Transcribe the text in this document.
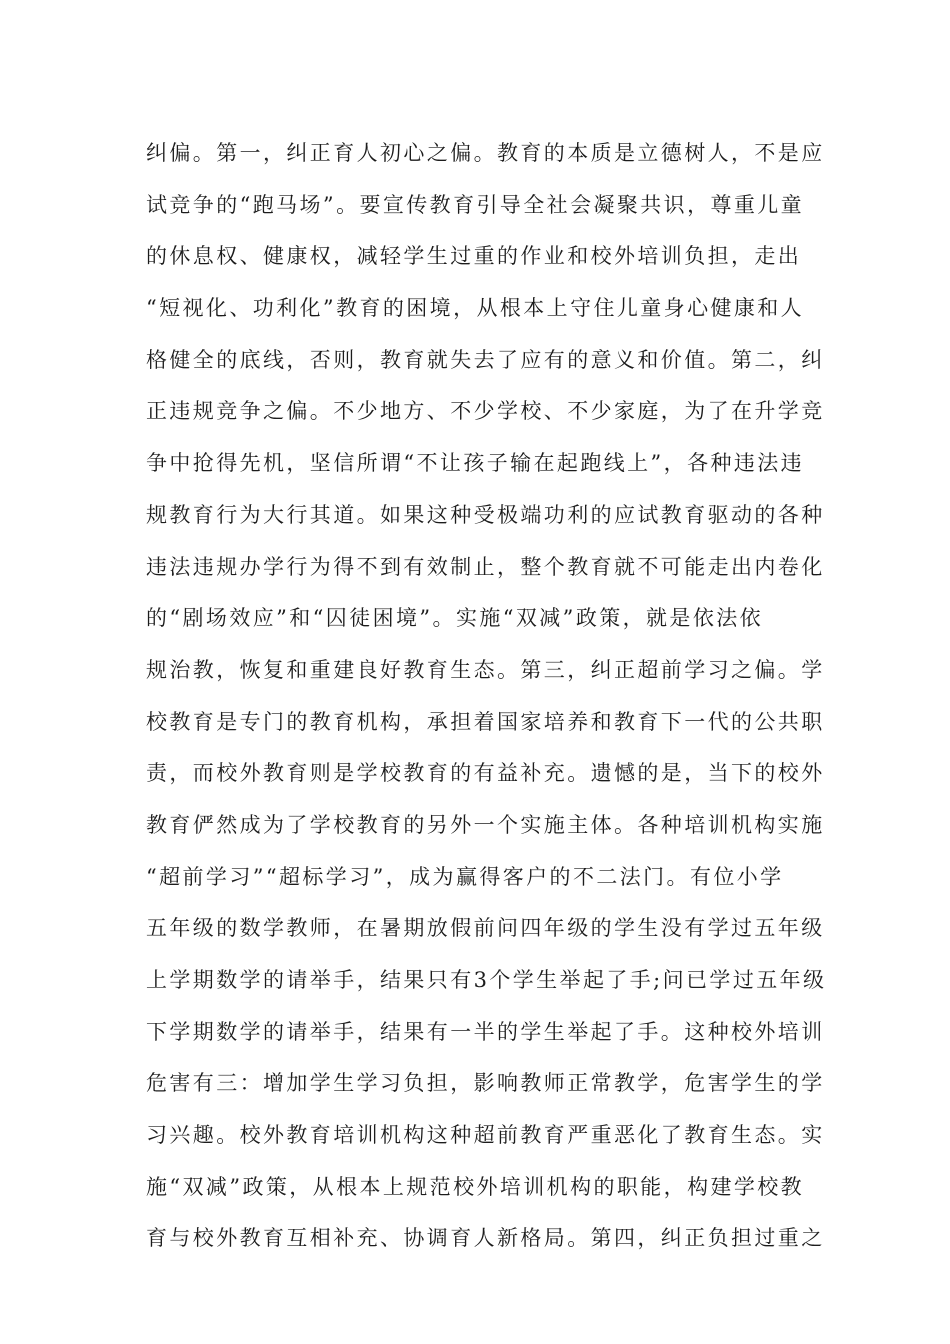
纠偏。第一，纠正育人初心之偏。教育的本质是立德树人，不是应
试竞争的“跑马场”。要宣传教育引导全社会凝聚共识，尊重儿童
的休息权、健康权，减轻学生过重的作业和校外培训负担，走出
“短视化、功利化”教育的困境，从根本上守住儿童身心健康和人
格健全的底线，否则，教育就失去了应有的意义和价值。第二，纠
正违规竞争之偏。不少地方、不少学校、不少家庭，为了在升学竞
争中抢得先机，坚信所谓“不让孩子输在起跑线上”，各种违法违
规教育行为大行其道。如果这种受极端功利的应试教育驱动的各种
违法违规办学行为得不到有效制止，整个教育就不可能走出内卷化
的“剧场效应”和“囚徒困境”。实施“双减”政策，就是依法依
规治教，恢复和重建良好教育生态。第三，纠正超前学习之偏。学
校教育是专门的教育机构，承担着国家培养和教育下一代的公共职
责，而校外教育则是学校教育的有益补充。遗憾的是，当下的校外
教育俨然成为了学校教育的另外一个实施主体。各种培训机构实施
“超前学习”“超标学习”，成为赢得客户的不二法门。有位小学
五年级的数学教师，在暑期放假前问四年级的学生没有学过五年级
上学期数学的请举手，结果只有3个学生举起了手;问已学过五年级
下学期数学的请举手，结果有一半的学生举起了手。这种校外培训
危害有三：增加学生学习负担，影响教师正常教学，危害学生的学
习兴趣。校外教育培训机构这种超前教育严重恶化了教育生态。实
施“双减”政策，从根本上规范校外培训机构的职能，构建学校教
育与校外教育互相补充、协调育人新格局。第四，纠正负担过重之
